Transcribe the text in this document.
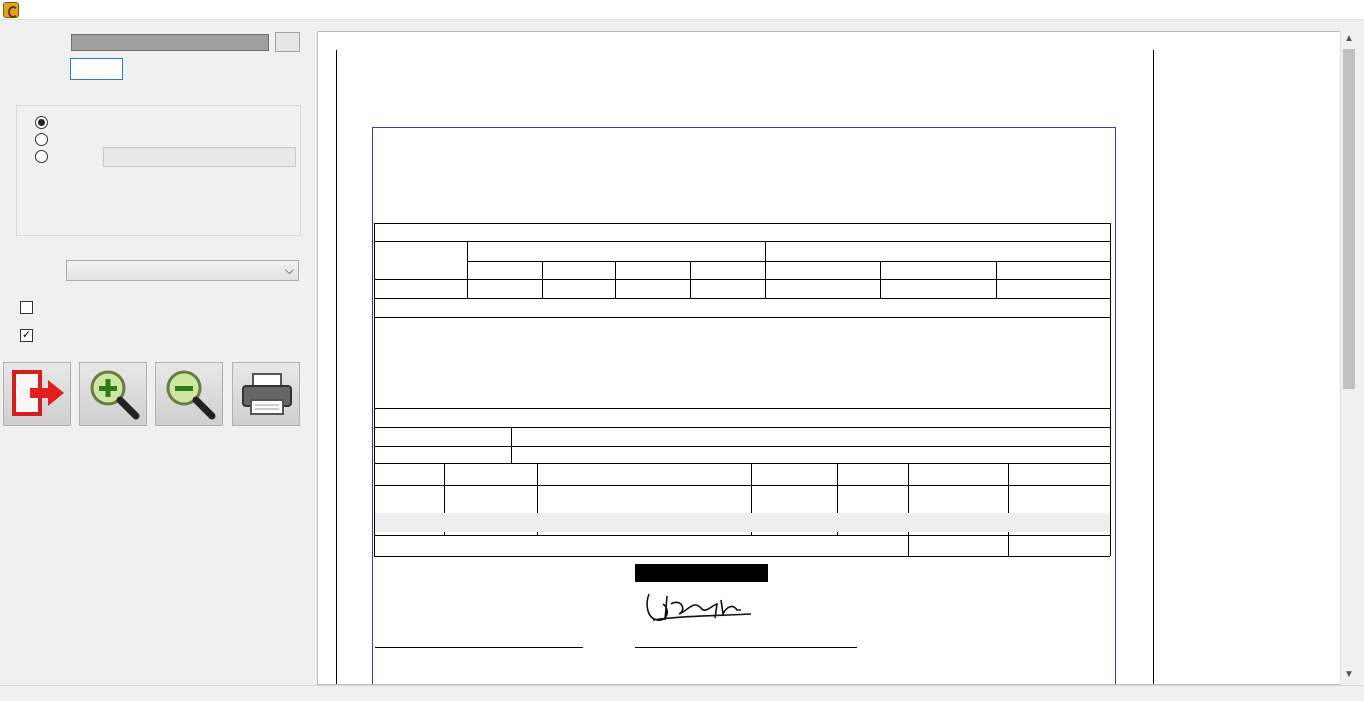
⌵
✓
▲
▼
